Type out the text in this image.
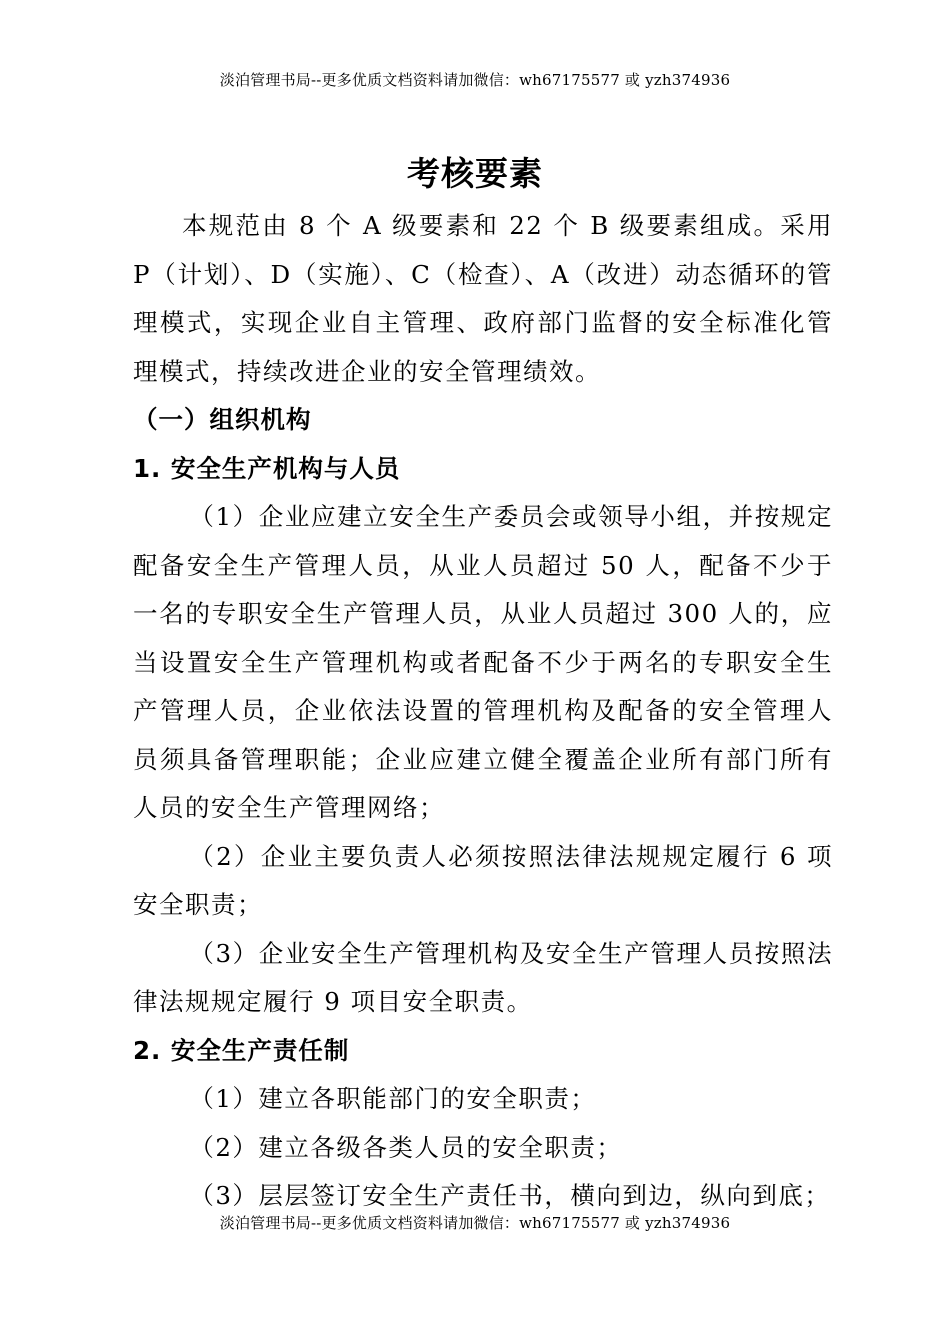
淡泊管理书局--更多优质文档资料请加微信：wh67175577 或 yzh374936
考核要素

本规范由 8 个 A 级要素和 22 个 B 级要素组成。采用 P（计划）、D（实施）、C（检查）、A（改进）动态循环的管理模式，实现企业自主管理、政府部门监督的安全标准化管理模式，持续改进企业的安全管理绩效。

（一）组织机构

1. 安全生产机构与人员

（1）企业应建立安全生产委员会或领导小组，并按规定配备安全生产管理人员，从业人员超过 50 人，配备不少于一名的专职安全生产管理人员，从业人员超过 300 人的，应当设置安全生产管理机构或者配备不少于两名的专职安全生产管理人员，企业依法设置的管理机构及配备的安全管理人员须具备管理职能；企业应建立健全覆盖企业所有部门所有人员的安全生产管理网络；

（2）企业主要负责人必须按照法律法规规定履行 6 项安全职责；

（3）企业安全生产管理机构及安全生产管理人员按照法律法规规定履行 9 项目安全职责。

2. 安全生产责任制

（1）建立各职能部门的安全职责；

（2）建立各级各类人员的安全职责；

（3）层层签订安全生产责任书，横向到边，纵向到底；

淡泊管理书局--更多优质文档资料请加微信：wh67175577 或 yzh374936
